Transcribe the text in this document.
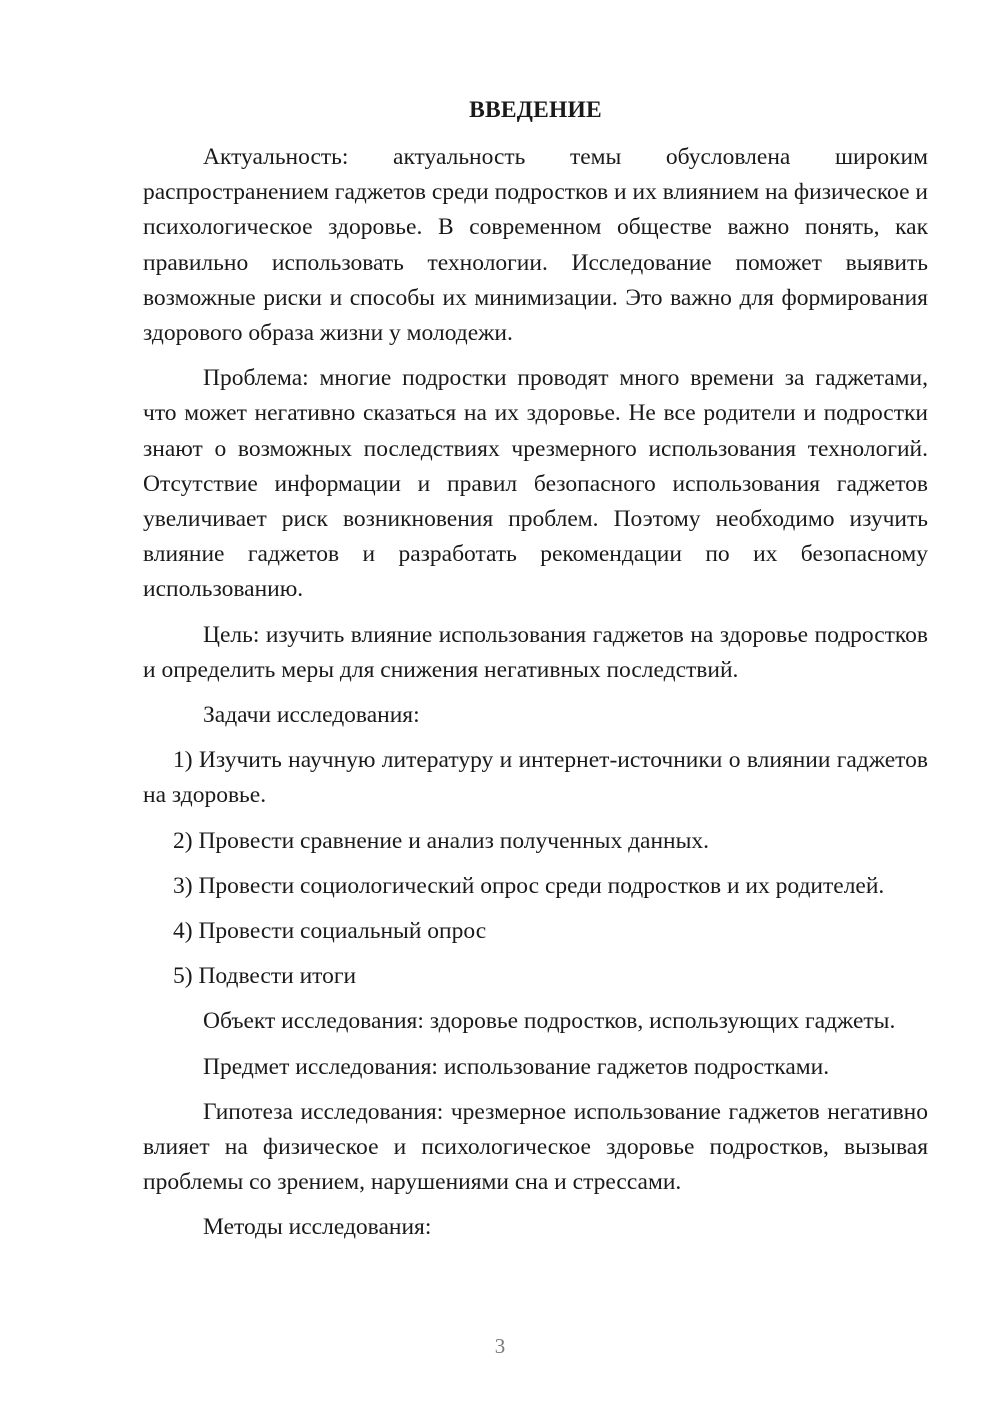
ВВЕДЕНИЕ

Актуальность: актуальность темы обусловлена широким распространением гаджетов среди подростков и их влиянием на физическое и психологическое здоровье. В современном обществе важно понять, как правильно использовать технологии. Исследование поможет выявить возможные риски и способы их минимизации. Это важно для формирования здорового образа жизни у молодежи.

Проблема: многие подростки проводят много времени за гаджетами, что может негативно сказаться на их здоровье. Не все родители и подростки знают о возможных последствиях чрезмерного использования технологий. Отсутствие информации и правил безопасного использования гаджетов увеличивает риск возникновения проблем. Поэтому необходимо изучить влияние гаджетов и разработать рекомендации по их безопасному использованию.

Цель: изучить влияние использования гаджетов на здоровье подростков и определить меры для снижения негативных последствий.

Задачи исследования:

1) Изучить научную литературу и интернет-источники о влиянии гаджетов на здоровье.

2) Провести сравнение и анализ полученных данных.

3) Провести социологический опрос среди подростков и их родителей.

4) Провести социальный опрос

5) Подвести итоги

Объект исследования: здоровье подростков, использующих гаджеты.

Предмет исследования: использование гаджетов подростками.

Гипотеза исследования: чрезмерное использование гаджетов негативно влияет на физическое и психологическое здоровье подростков, вызывая проблемы со зрением, нарушениями сна и стрессами.

Методы исследования:

3
